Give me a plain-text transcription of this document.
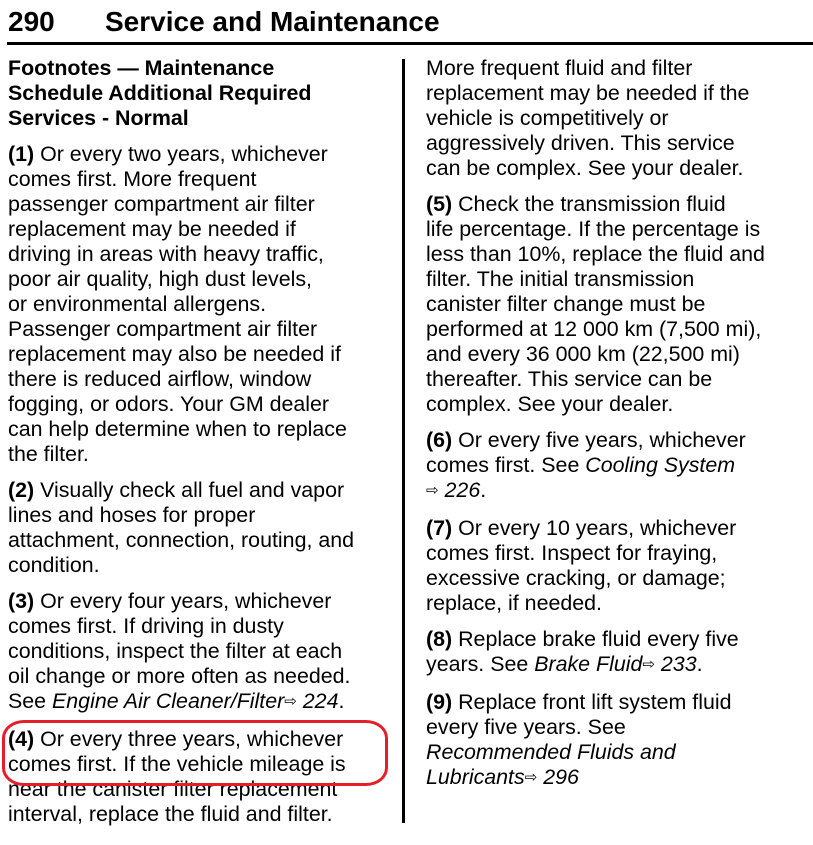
290 Service and Maintenance
Footnotes — Maintenance
Schedule Additional Required
Services - Normal
(1) Or every two years, whichever
comes first. More frequent
passenger compartment air filter
replacement may be needed if
driving in areas with heavy traffic,
poor air quality, high dust levels,
or environmental allergens.
Passenger compartment air filter
replacement may also be needed if
there is reduced airflow, window
fogging, or odors. Your GM dealer
can help determine when to replace
the filter.
(2) Visually check all fuel and vapor
lines and hoses for proper
attachment, connection, routing, and
condition.
(3) Or every four years, whichever
comes first. If driving in dusty
conditions, inspect the filter at each
oil change or more often as needed.
See Engine Air Cleaner/Filter⇨ 224.
(4) Or every three years, whichever
comes first. If the vehicle mileage is
near the canister filter replacement
interval, replace the fluid and filter.
More frequent fluid and filter
replacement may be needed if the
vehicle is competitively or
aggressively driven. This service
can be complex. See your dealer.
(5) Check the transmission fluid
life percentage. If the percentage is
less than 10%, replace the fluid and
filter. The initial transmission
canister filter change must be
performed at 12 000 km (7,500 mi),
and every 36 000 km (22,500 mi)
thereafter. This service can be
complex. See your dealer.
(6) Or every five years, whichever
comes first. See Cooling System
⇨ 226.
(7) Or every 10 years, whichever
comes first. Inspect for fraying,
excessive cracking, or damage;
replace, if needed.
(8) Replace brake fluid every five
years. See Brake Fluid⇨ 233.
(9) Replace front lift system fluid
every five years. See
Recommended Fluids and
Lubricants⇨ 296
